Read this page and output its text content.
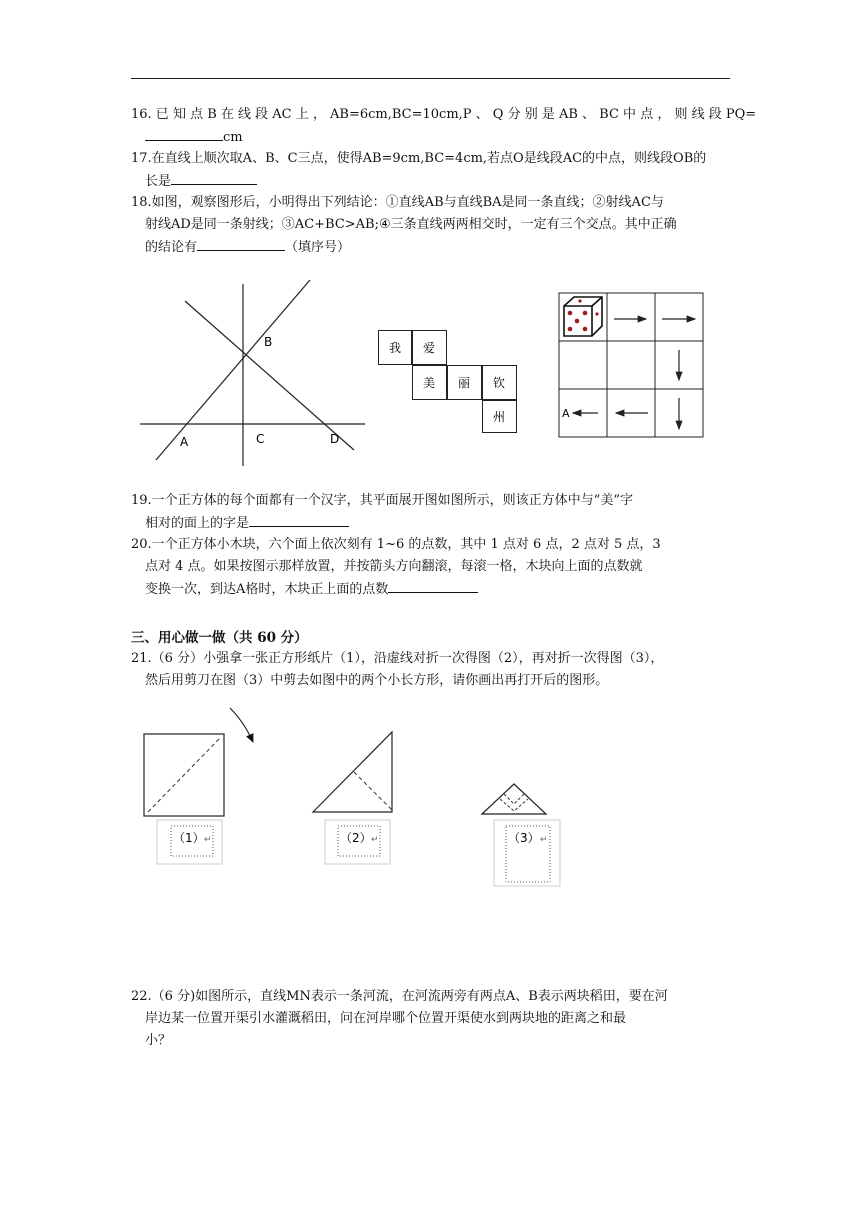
16. 已 知 点 B 在 线 段 AC 上 ， AB=6cm,BC=10cm,P 、 Q 分 别 是 AB 、 BC 中 点 ， 则 线 段 PQ=
cm
17.在直线上顺次取A、B、C三点，使得AB=9cm,BC=4cm,若点O是线段AC的中点，则线段OB的
长是
18.如图，观察图形后，小明得出下列结论：①直线AB与直线BA是同一条直线；②射线AC与
射线AD是同一条射线；③AC+BC>AB;④三条直线两两相交时，一定有三个交点。其中正确
的结论有	（填序号）
B
A	C	D
我 爱
美 丽 钦
州	A
19.一个正方体的每个面都有一个汉字，其平面展开图如图所示，则该正方体中与“美”字
相对的面上的字是
20.一个正方体小木块，六个面上依次刻有 1~6 的点数，其中 1 点对 6 点，2 点对 5 点，3
点对 4 点。如果按图示那样放置，并按箭头方向翻滚，每滚一格，木块向上面的点数就
变换一次，到达A格时，木块正上面的点数
三、用心做一做（共 60 分）
21.（6 分）小强拿一张正方形纸片（1），沿虚线对折一次得图（2），再对折一次得图（3），
然后用剪刀在图（3）中剪去如图中的两个小长方形，请你画出再打开后的图形。
（1） ↵	（2） ↵	（3） ↵
22.（6 分)如图所示，直线MN表示一条河流，在河流两旁有两点A、B表示两块稻田，要在河
岸边某一位置开渠引水灌溉稻田，问在河岸哪个位置开渠使水到两块地的距离之和最
小？
